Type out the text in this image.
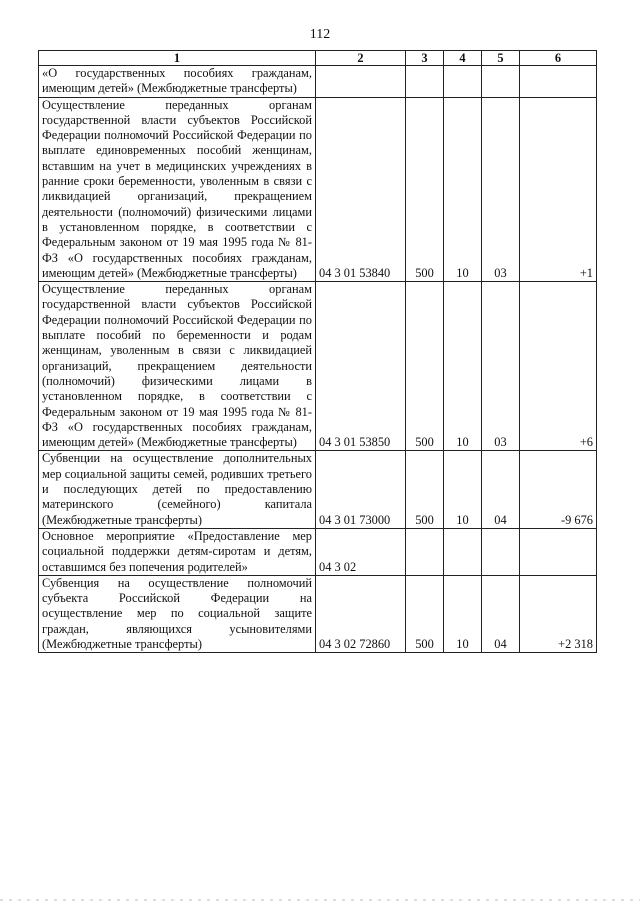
112
1	2	3	4	5	6
«О государственных пособиях гражданам, имеющим детей» (Межбюджетные трансферты)					
Осуществление переданных органам государственной власти субъектов Российской Федерации полномочий Российской Федерации по выплате единовременных пособий женщинам, вставшим на учет в медицинских учреждениях в ранние сроки беременности, уволенным в связи с ликвидацией организаций, прекращением деятельности (полномочий) физическими лицами в установленном порядке, в соответствии с Федеральным законом от 19 мая 1995 года № 81-ФЗ «О государственных пособиях гражданам, имеющим детей» (Межбюджетные трансферты)	04 3 01 53840	500	10	03	+1
Осуществление переданных органам государственной власти субъектов Российской Федерации полномочий Российской Федерации по выплате пособий по беременности и родам женщинам, уволенным в связи с ликвидацией организаций, прекращением деятельности (полномочий) физическими лицами в установленном порядке, в соответствии с Федеральным законом от 19 мая 1995 года № 81-ФЗ «О государственных пособиях гражданам, имеющим детей» (Межбюджетные трансферты)	04 3 01 53850	500	10	03	+6
Субвенции на осуществление дополнительных мер социальной защиты семей, родивших третьего и последующих детей по предоставлению материнского (семейного) капитала (Межбюджетные трансферты)	04 3 01 73000	500	10	04	-9 676
Основное мероприятие «Предоставление мер социальной поддержки детям-сиротам и детям, оставшимся без попечения родителей»	04 3 02				
Субвенция на осуществление полномочий субъекта Российской Федерации на осуществление мер по социальной защите граждан, являющихся усыновителями (Межбюджетные трансферты)	04 3 02 72860	500	10	04	+2 318
